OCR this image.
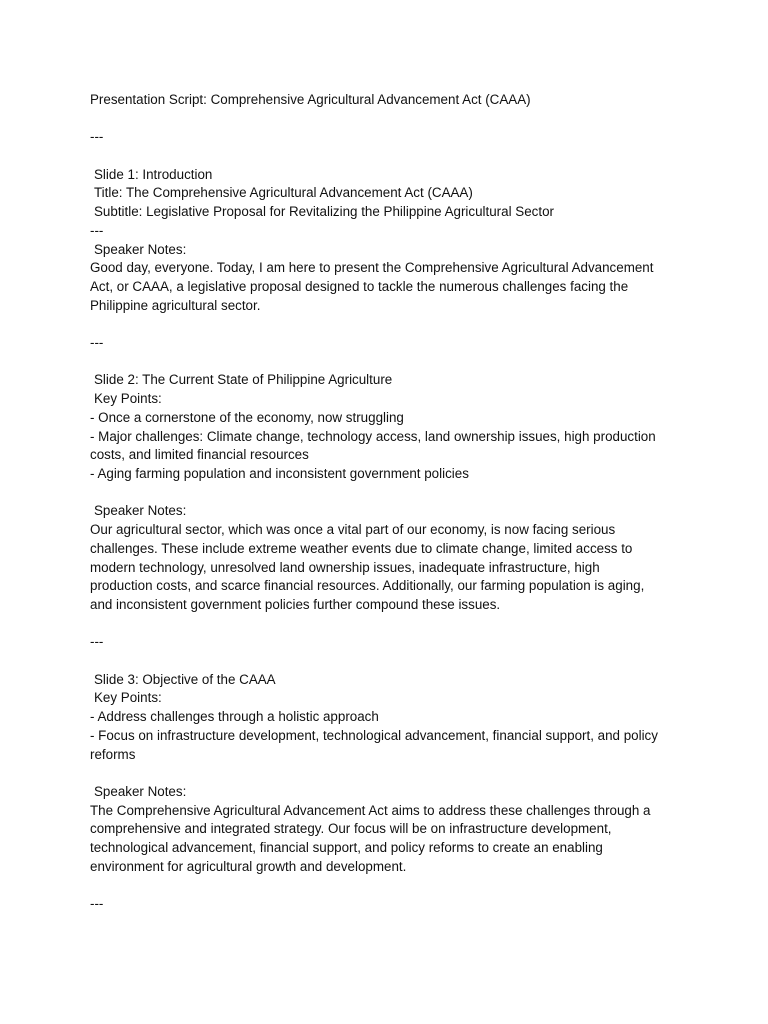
Presentation Script: Comprehensive Agricultural Advancement Act (CAAA)
---
Slide 1: Introduction
Title: The Comprehensive Agricultural Advancement Act (CAAA)
Subtitle: Legislative Proposal for Revitalizing the Philippine Agricultural Sector
---
Speaker Notes:
Good day, everyone. Today, I am here to present the Comprehensive Agricultural Advancement
Act, or CAAA, a legislative proposal designed to tackle the numerous challenges facing the
Philippine agricultural sector.
---
Slide 2: The Current State of Philippine Agriculture
Key Points:
- Once a cornerstone of the economy, now struggling
- Major challenges: Climate change, technology access, land ownership issues, high production
costs, and limited financial resources
- Aging farming population and inconsistent government policies
Speaker Notes:
Our agricultural sector, which was once a vital part of our economy, is now facing serious
challenges. These include extreme weather events due to climate change, limited access to
modern technology, unresolved land ownership issues, inadequate infrastructure, high
production costs, and scarce financial resources. Additionally, our farming population is aging,
and inconsistent government policies further compound these issues.
---
Slide 3: Objective of the CAAA
Key Points:
- Address challenges through a holistic approach
- Focus on infrastructure development, technological advancement, financial support, and policy
reforms
Speaker Notes:
The Comprehensive Agricultural Advancement Act aims to address these challenges through a
comprehensive and integrated strategy. Our focus will be on infrastructure development,
technological advancement, financial support, and policy reforms to create an enabling
environment for agricultural growth and development.
---
